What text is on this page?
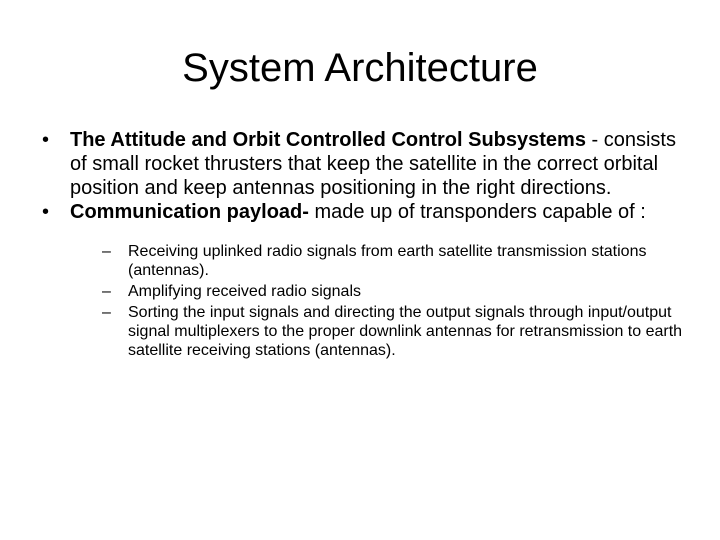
System Architecture

• The Attitude and Orbit Controlled Control Subsystems - consists of small rocket thrusters that keep the satellite in the correct orbital position and keep antennas positioning in the right directions.

• Communication payload- made up of transponders capable of :

– Receiving uplinked radio signals from earth satellite transmission stations (antennas).

– Amplifying received radio signals

– Sorting the input signals and directing the output signals through input/output signal multiplexers to the proper downlink antennas for retransmission to earth satellite receiving stations (antennas).
